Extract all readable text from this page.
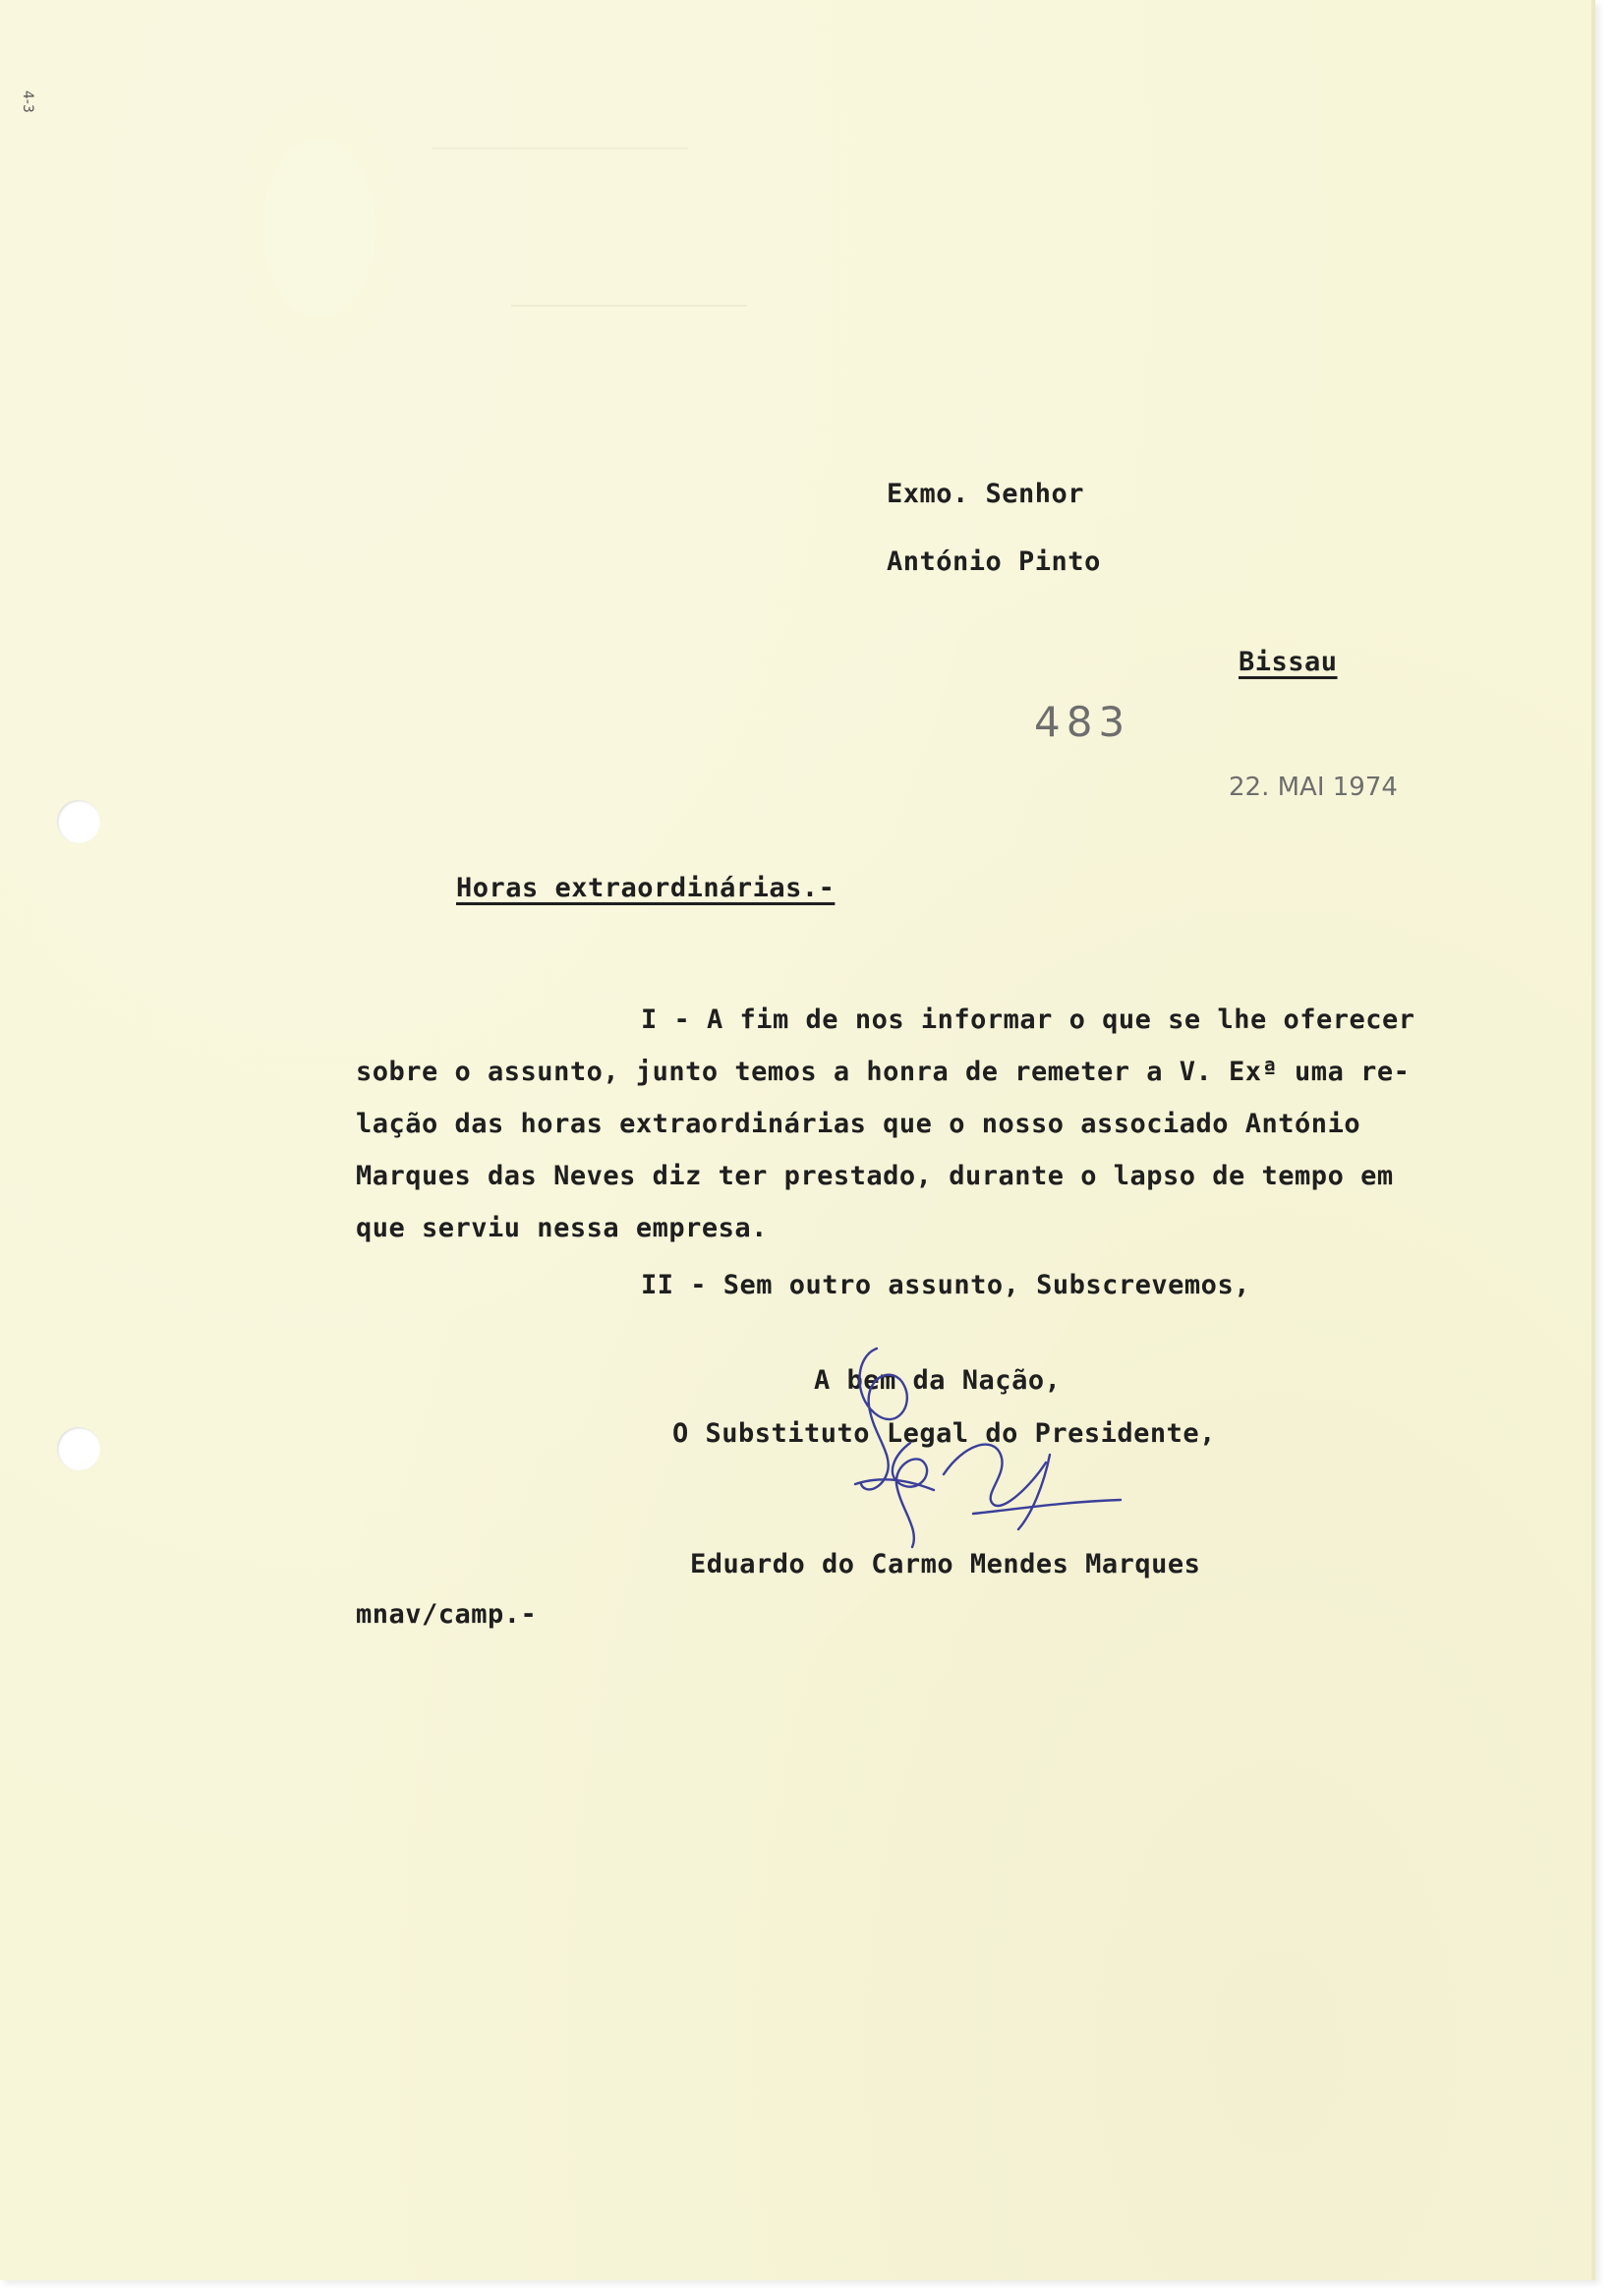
4-3
Exmo. Senhor
António Pinto
Bissau
483
22. MAI 1974
Horas extraordinárias.-
I - A fim de nos informar o que se lhe oferecer
sobre o assunto, junto temos a honra de remeter a V. Exª uma re-
lação das horas extraordinárias que o nosso associado António
Marques das Neves diz ter prestado, durante o lapso de tempo em
que serviu nessa empresa.
II - Sem outro assunto, Subscrevemos,
A bem da Nação,
O Substituto Legal do Presidente,
Eduardo do Carmo Mendes Marques
mnav/camp.-
